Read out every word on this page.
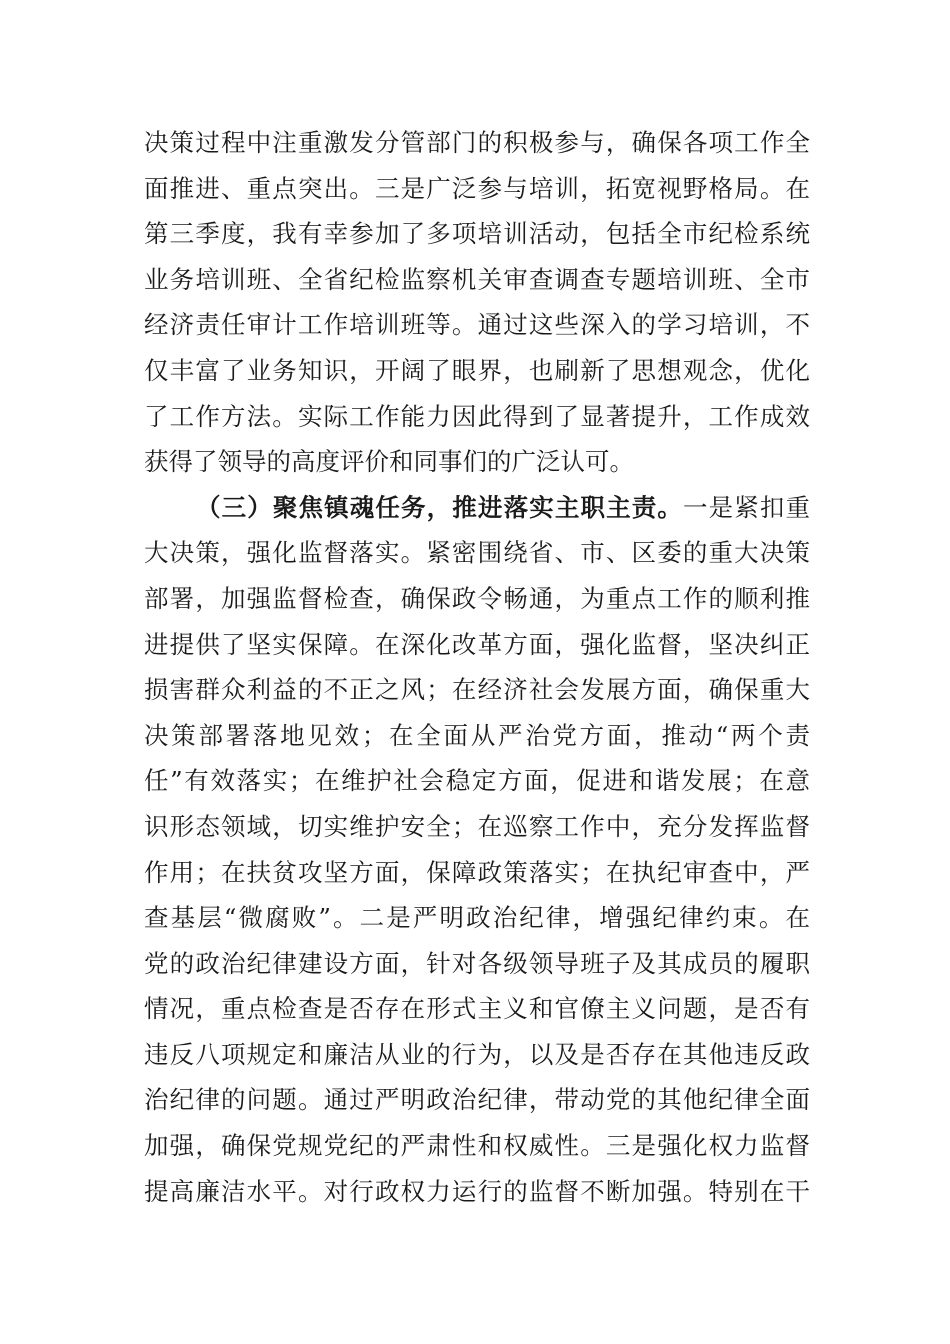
决策过程中注重激发分管部门的积极参与，确保各项工作全
面推进、重点突出。三是广泛参与培训，拓宽视野格局。在
第三季度，我有幸参加了多项培训活动，包括全市纪检系统
业务培训班、全省纪检监察机关审查调查专题培训班、全市
经济责任审计工作培训班等。通过这些深入的学习培训，不
仅丰富了业务知识，开阔了眼界，也刷新了思想观念，优化
了工作方法。实际工作能力因此得到了显著提升，工作成效
获得了领导的高度评价和同事们的广泛认可。
（三）聚焦镇魂任务，推进落实主职主责。一是紧扣重
大决策，强化监督落实。紧密围绕省、市、区委的重大决策
部署，加强监督检查，确保政令畅通，为重点工作的顺利推
进提供了坚实保障。在深化改革方面，强化监督，坚决纠正
损害群众利益的不正之风；在经济社会发展方面，确保重大
决策部署落地见效；在全面从严治党方面，推动“两个责
任”有效落实；在维护社会稳定方面，促进和谐发展；在意
识形态领域，切实维护安全；在巡察工作中，充分发挥监督
作用；在扶贫攻坚方面，保障政策落实；在执纪审查中，严
查基层“微腐败”。二是严明政治纪律，增强纪律约束。在
党的政治纪律建设方面，针对各级领导班子及其成员的履职
情况，重点检查是否存在形式主义和官僚主义问题，是否有
违反八项规定和廉洁从业的行为，以及是否存在其他违反政
治纪律的问题。通过严明政治纪律，带动党的其他纪律全面
加强，确保党规党纪的严肃性和权威性。三是强化权力监督
提高廉洁水平。对行政权力运行的监督不断加强。特别在干
